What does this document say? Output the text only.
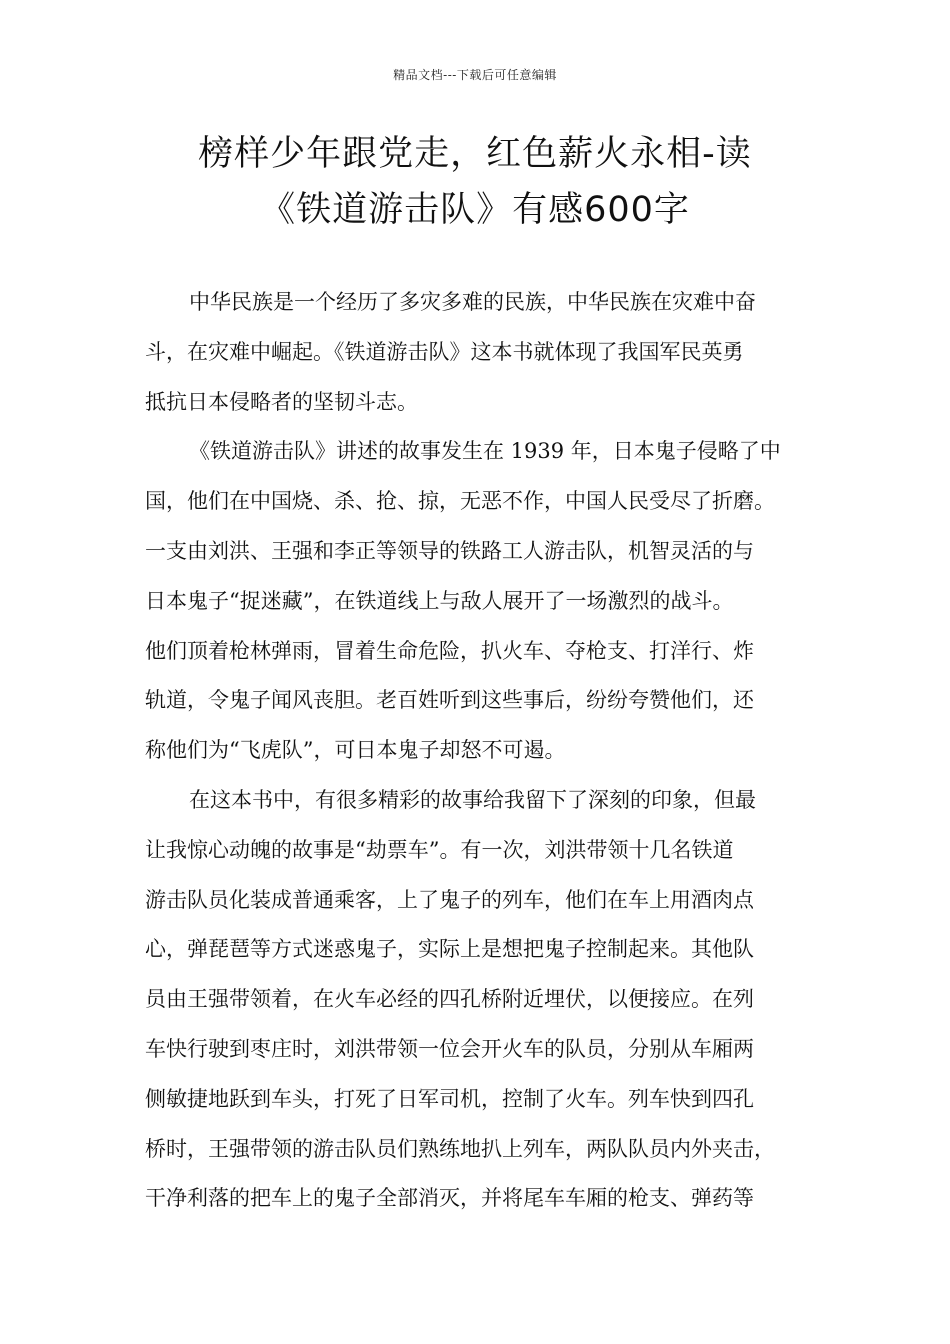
精品文档---下载后可任意编辑
榜样少年跟党走，红色薪火永相-读
《铁道游击队》有感600字

中华民族是一个经历了多灾多难的民族，中华民族在灾难中奋
斗，在灾难中崛起。《铁道游击队》这本书就体现了我国军民英勇
抵抗日本侵略者的坚韧斗志。

《铁道游击队》讲述的故事发生在 1939 年，日本鬼子侵略了中
国，他们在中国烧、杀、抢、掠，无恶不作，中国人民受尽了折磨。
一支由刘洪、王强和李正等领导的铁路工人游击队，机智灵活的与
日本鬼子“捉迷藏”，在铁道线上与敌人展开了一场激烈的战斗。
他们顶着枪林弹雨，冒着生命危险，扒火车、夺枪支、打洋行、炸
轨道，令鬼子闻风丧胆。老百姓听到这些事后，纷纷夸赞他们，还
称他们为“飞虎队”，可日本鬼子却怒不可遏。

在这本书中，有很多精彩的故事给我留下了深刻的印象，但最
让我惊心动魄的故事是“劫票车”。有一次，刘洪带领十几名铁道
游击队员化装成普通乘客，上了鬼子的列车，他们在车上用酒肉点
心，弹琵琶等方式迷惑鬼子，实际上是想把鬼子控制起来。其他队
员由王强带领着，在火车必经的四孔桥附近埋伏，以便接应。在列
车快行驶到枣庄时，刘洪带领一位会开火车的队员，分别从车厢两
侧敏捷地跃到车头，打死了日军司机，控制了火车。列车快到四孔
桥时，王强带领的游击队员们熟练地扒上列车，两队队员内外夹击，
干净利落的把车上的鬼子全部消灭，并将尾车车厢的枪支、弹药等
